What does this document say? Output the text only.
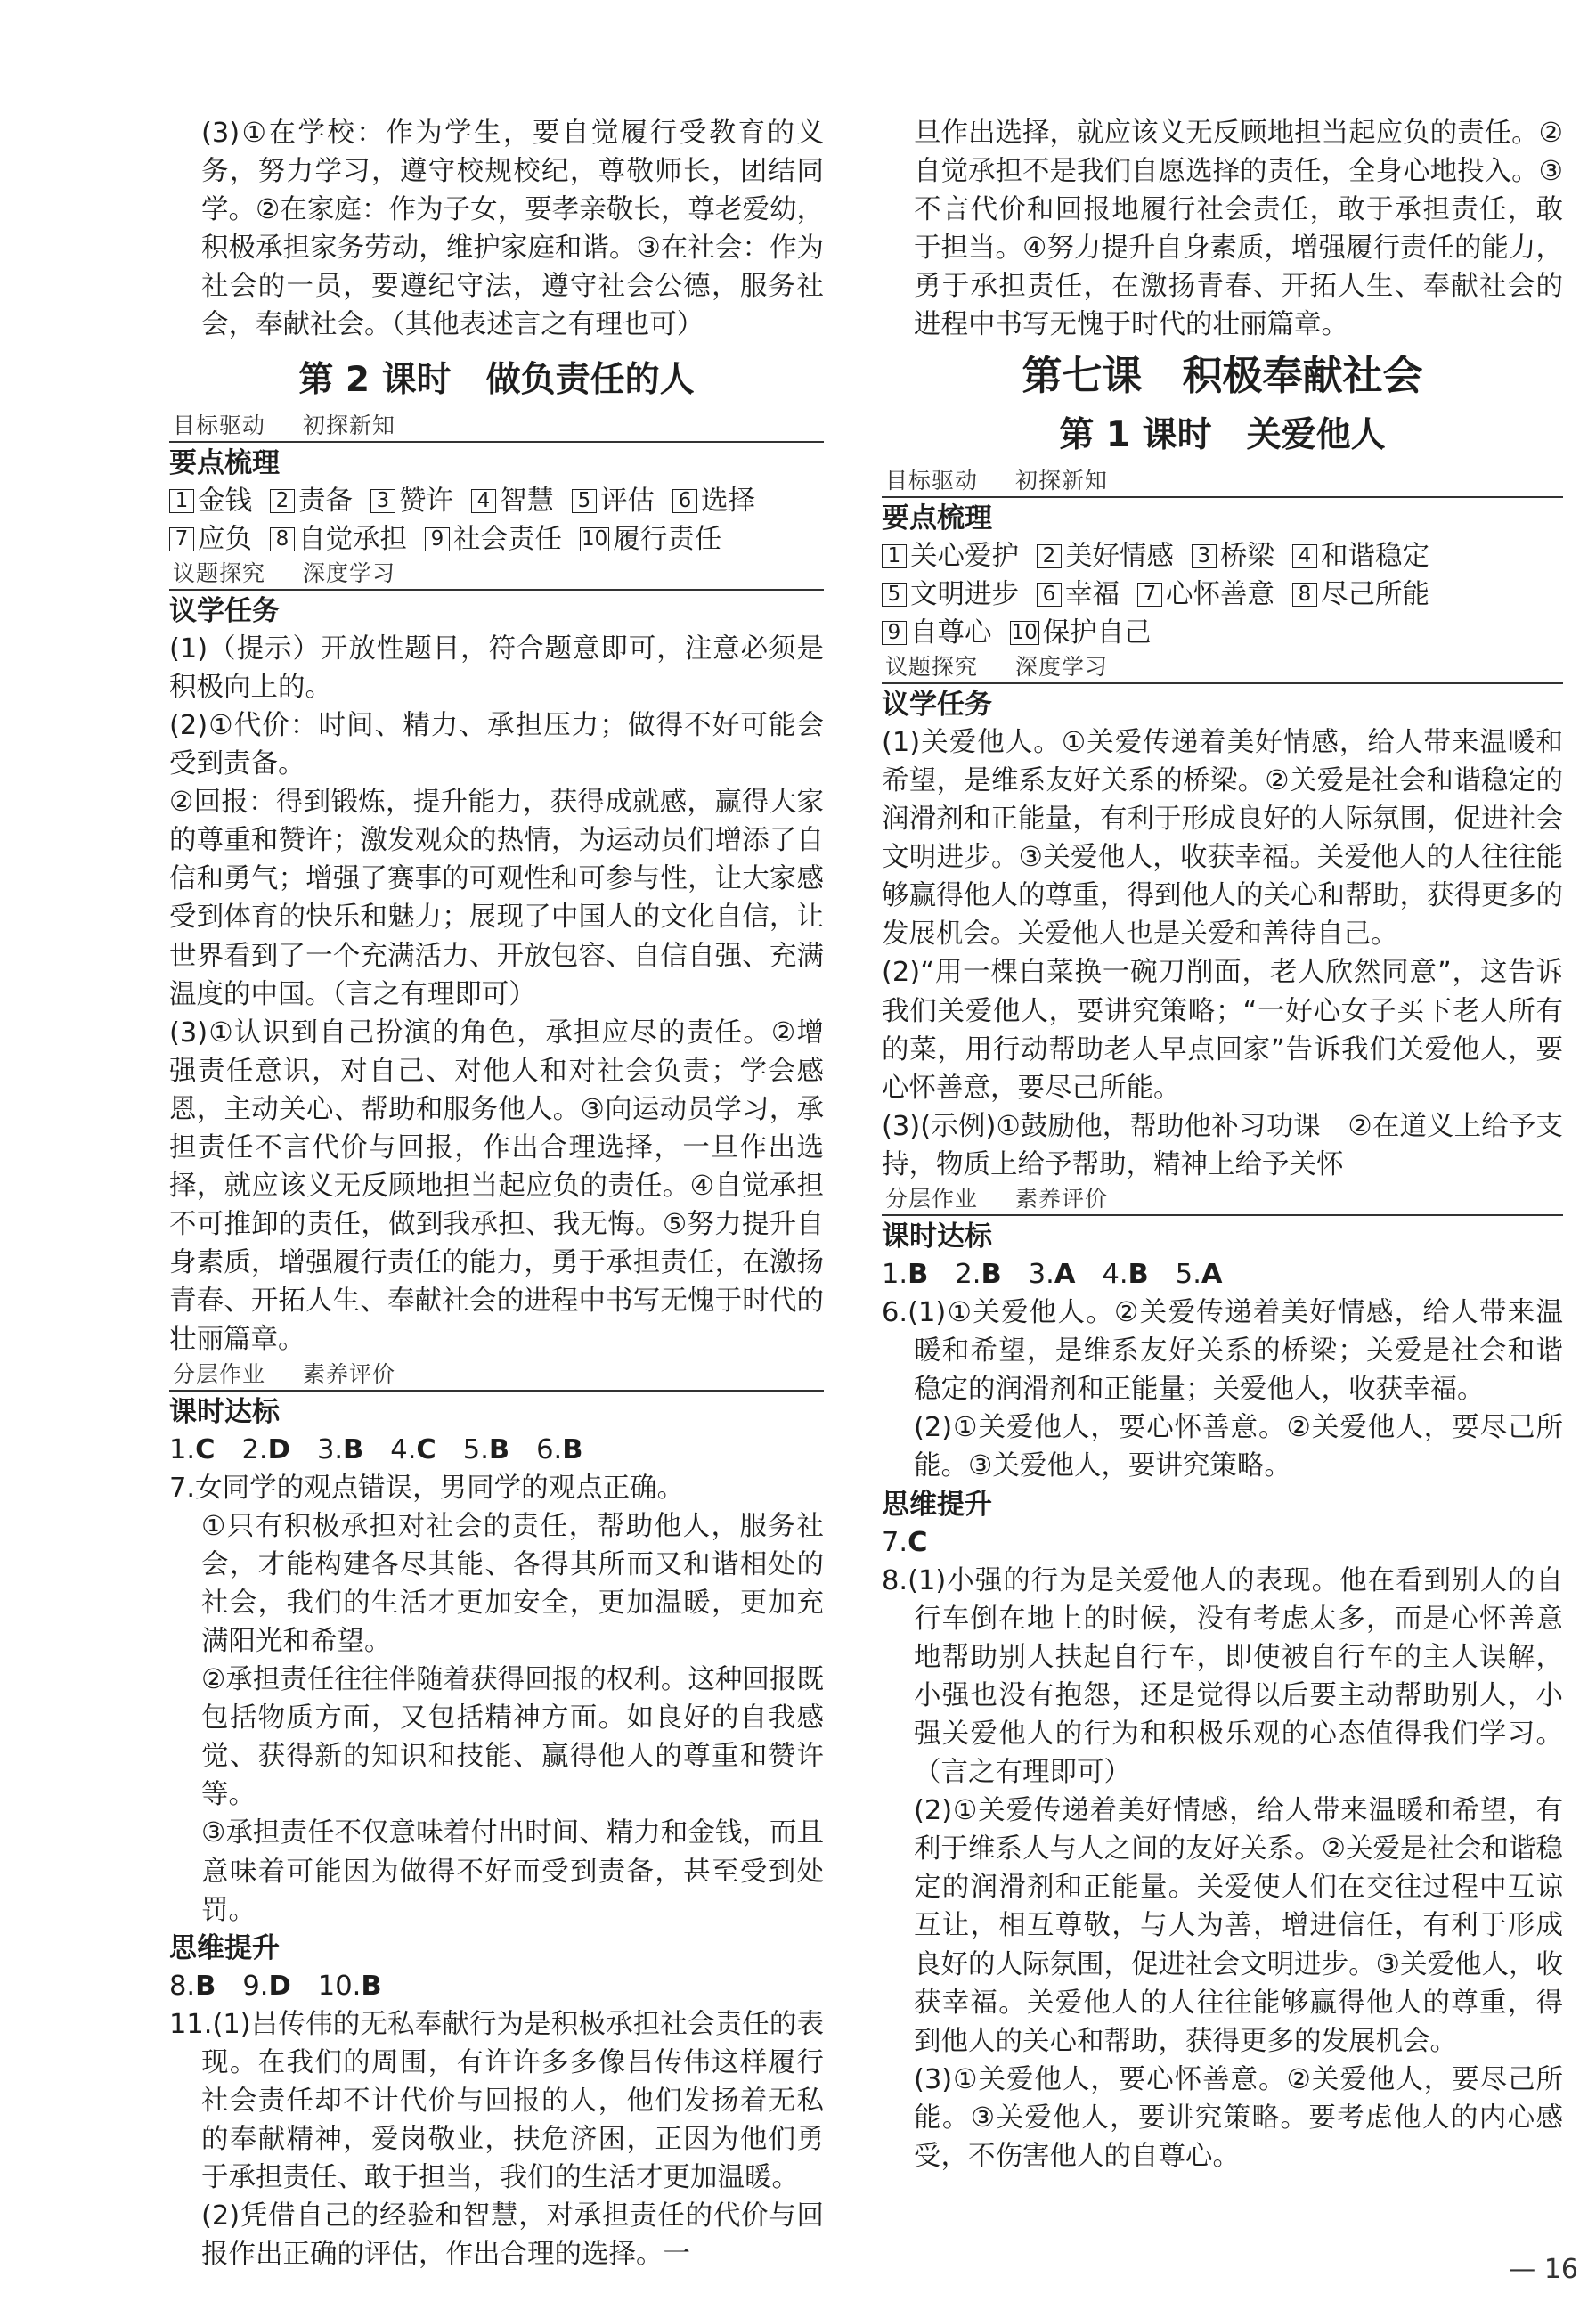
(3)①在学校：作为学生，要自觉履行受教育的义务，努力学习，遵守校规校纪，尊敬师长，团结同学。②在家庭：作为子女，要孝亲敬长，尊老爱幼，积极承担家务劳动，维护家庭和谐。③在社会：作为社会的一员，要遵纪守法，遵守社会公德，服务社会，奉献社会。（其他表述言之有理也可）

第 2 课时　做负责任的人
目标驱动 初探新知
要点梳理
1 金钱 2 责备 3 赞许 4 智慧 5 评估 6 选择7 应负 8 自觉承担 9 社会责任 10 履行责任
议题探究 深度学习
议学任务

(1)（提示）开放性题目，符合题意即可，注意必须是积极向上的。

(2)①代价：时间、精力、承担压力；做得不好可能会受到责备。

②回报：得到锻炼，提升能力，获得成就感，赢得大家的尊重和赞许；激发观众的热情，为运动员们增添了自信和勇气；增强了赛事的可观性和可参与性，让大家感受到体育的快乐和魅力；展现了中国人的文化自信，让世界看到了一个充满活力、开放包容、自信自强、充满温度的中国。（言之有理即可）

(3)①认识到自己扮演的角色，承担应尽的责任。②增强责任意识，对自己、对他人和对社会负责；学会感恩，主动关心、帮助和服务他人。③向运动员学习，承担责任不言代价与回报，作出合理选择，一旦作出选择，就应该义无反顾地担当起应负的责任。④自觉承担不可推卸的责任，做到我承担、我无悔。⑤努力提升自身素质，增强履行责任的能力，勇于承担责任，在激扬青春、开拓人生、奉献社会的进程中书写无愧于时代的壮丽篇章。

分层作业 素养评价
课时达标
1.C 2.D 3.B 4.C 5.B 6.B

7.女同学的观点错误，男同学的观点正确。

①只有积极承担对社会的责任，帮助他人，服务社会，才能构建各尽其能、各得其所而又和谐相处的社会，我们的生活才更加安全，更加温暖，更加充满阳光和希望。

②承担责任往往伴随着获得回报的权利。这种回报既包括物质方面，又包括精神方面。如良好的自我感觉、获得新的知识和技能、赢得他人的尊重和赞许等。

③承担责任不仅意味着付出时间、精力和金钱，而且意味着可能因为做得不好而受到责备，甚至受到处罚。

思维提升
8.B 9.D 10.B

11.(1)吕传伟的无私奉献行为是积极承担社会责任的表现。在我们的周围，有许许多多像吕传伟这样履行社会责任却不计代价与回报的人，他们发扬着无私的奉献精神，爱岗敬业，扶危济困，正因为他们勇于承担责任、敢于担当，我们的生活才更加温暖。

(2)凭借自己的经验和智慧，对承担责任的代价与回报作出正确的评估，作出合理的选择。一

旦作出选择，就应该义无反顾地担当起应负的责任。②自觉承担不是我们自愿选择的责任，全身心地投入。③不言代价和回报地履行社会责任，敢于承担责任，敢于担当。④努力提升自身素质，增强履行责任的能力，勇于承担责任，在激扬青春、开拓人生、奉献社会的进程中书写无愧于时代的壮丽篇章。

第七课　积极奉献社会
第 1 课时　关爱他人
目标驱动 初探新知
要点梳理
1 关心爱护 2 美好情感 3 桥梁 4 和谐稳定5 文明进步 6 幸福 7 心怀善意 8 尽己所能9 自尊心 10 保护自己
议题探究 深度学习
议学任务

(1)关爱他人。①关爱传递着美好情感，给人带来温暖和希望，是维系友好关系的桥梁。②关爱是社会和谐稳定的润滑剂和正能量，有利于形成良好的人际氛围，促进社会文明进步。③关爱他人，收获幸福。关爱他人的人往往能够赢得他人的尊重，得到他人的关心和帮助，获得更多的发展机会。关爱他人也是关爱和善待自己。

(2)“用一棵白菜换一碗刀削面，老人欣然同意”，这告诉我们关爱他人，要讲究策略；“一好心女子买下老人所有的菜，用行动帮助老人早点回家”告诉我们关爱他人，要心怀善意，要尽己所能。

(3)(示例)①鼓励他，帮助他补习功课　②在道义上给予支持，物质上给予帮助，精神上给予关怀

分层作业 素养评价
课时达标
1.B 2.B 3.A 4.B 5.A

6.(1)①关爱他人。②关爱传递着美好情感，给人带来温暖和希望，是维系友好关系的桥梁；关爱是社会和谐稳定的润滑剂和正能量；关爱他人，收获幸福。

(2)①关爱他人，要心怀善意。②关爱他人，要尽己所能。③关爱他人，要讲究策略。

思维提升
7.C

8.(1)小强的行为是关爱他人的表现。他在看到别人的自行车倒在地上的时候，没有考虑太多，而是心怀善意地帮助别人扶起自行车，即使被自行车的主人误解，小强也没有抱怨，还是觉得以后要主动帮助别人，小强关爱他人的行为和积极乐观的心态值得我们学习。（言之有理即可）

(2)①关爱传递着美好情感，给人带来温暖和希望，有利于维系人与人之间的友好关系。②关爱是社会和谐稳定的润滑剂和正能量。关爱使人们在交往过程中互谅互让，相互尊敬，与人为善，增进信任，有利于形成良好的人际氛围，促进社会文明进步。③关爱他人，收获幸福。关爱他人的人往往能够赢得他人的尊重，得到他人的关心和帮助，获得更多的发展机会。

(3)①关爱他人，要心怀善意。②关爱他人，要尽己所能。③关爱他人，要讲究策略。要考虑他人的内心感受，不伤害他人的自尊心。

— 16
